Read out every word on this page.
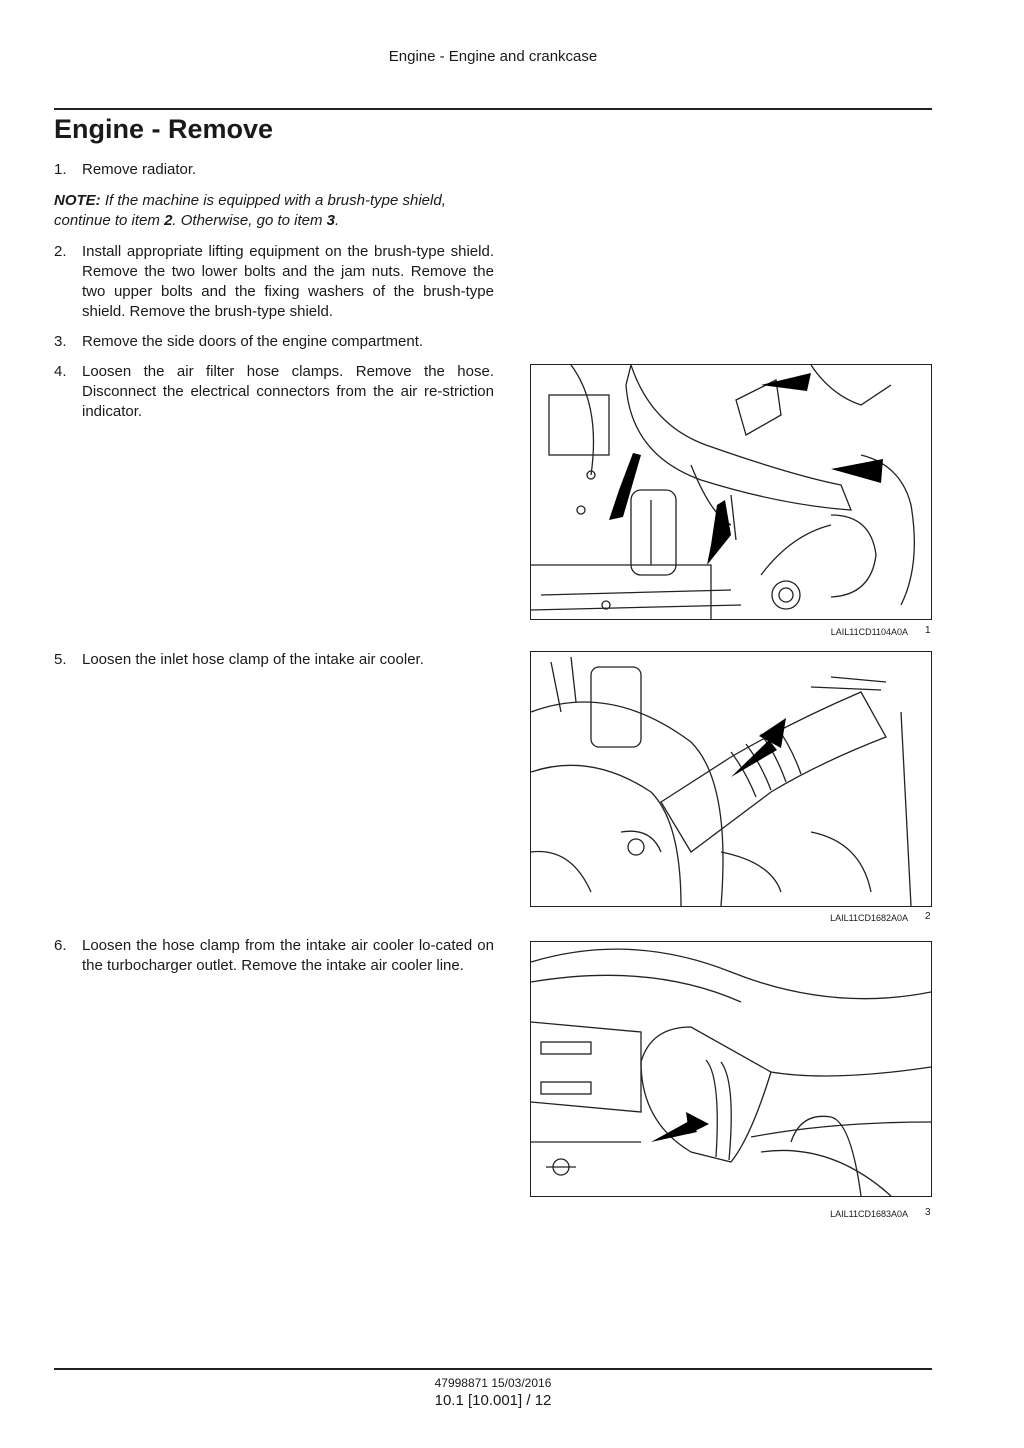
Engine - Engine and crankcase
Engine - Remove
1. Remove radiator.
NOTE: If the machine is equipped with a brush-type shield, continue to item 2. Otherwise, go to item 3.
2. Install appropriate lifting equipment on the brush-type shield. Remove the two lower bolts and the jam nuts. Remove the two upper bolts and the fixing washers of the brush-type shield. Remove the brush-type shield.
3. Remove the side doors of the engine compartment.
4. Loosen the air filter hose clamps. Remove the hose. Disconnect the electrical connectors from the air re-striction indicator.
LAIL11CD1104A0A 1
5. Loosen the inlet hose clamp of the intake air cooler.
LAIL11CD1682A0A 2
6. Loosen the hose clamp from the intake air cooler lo-cated on the turbocharger outlet. Remove the intake air cooler line.
LAIL11CD1683A0A 3
47998871 15/03/2016
10.1 [10.001] / 12
